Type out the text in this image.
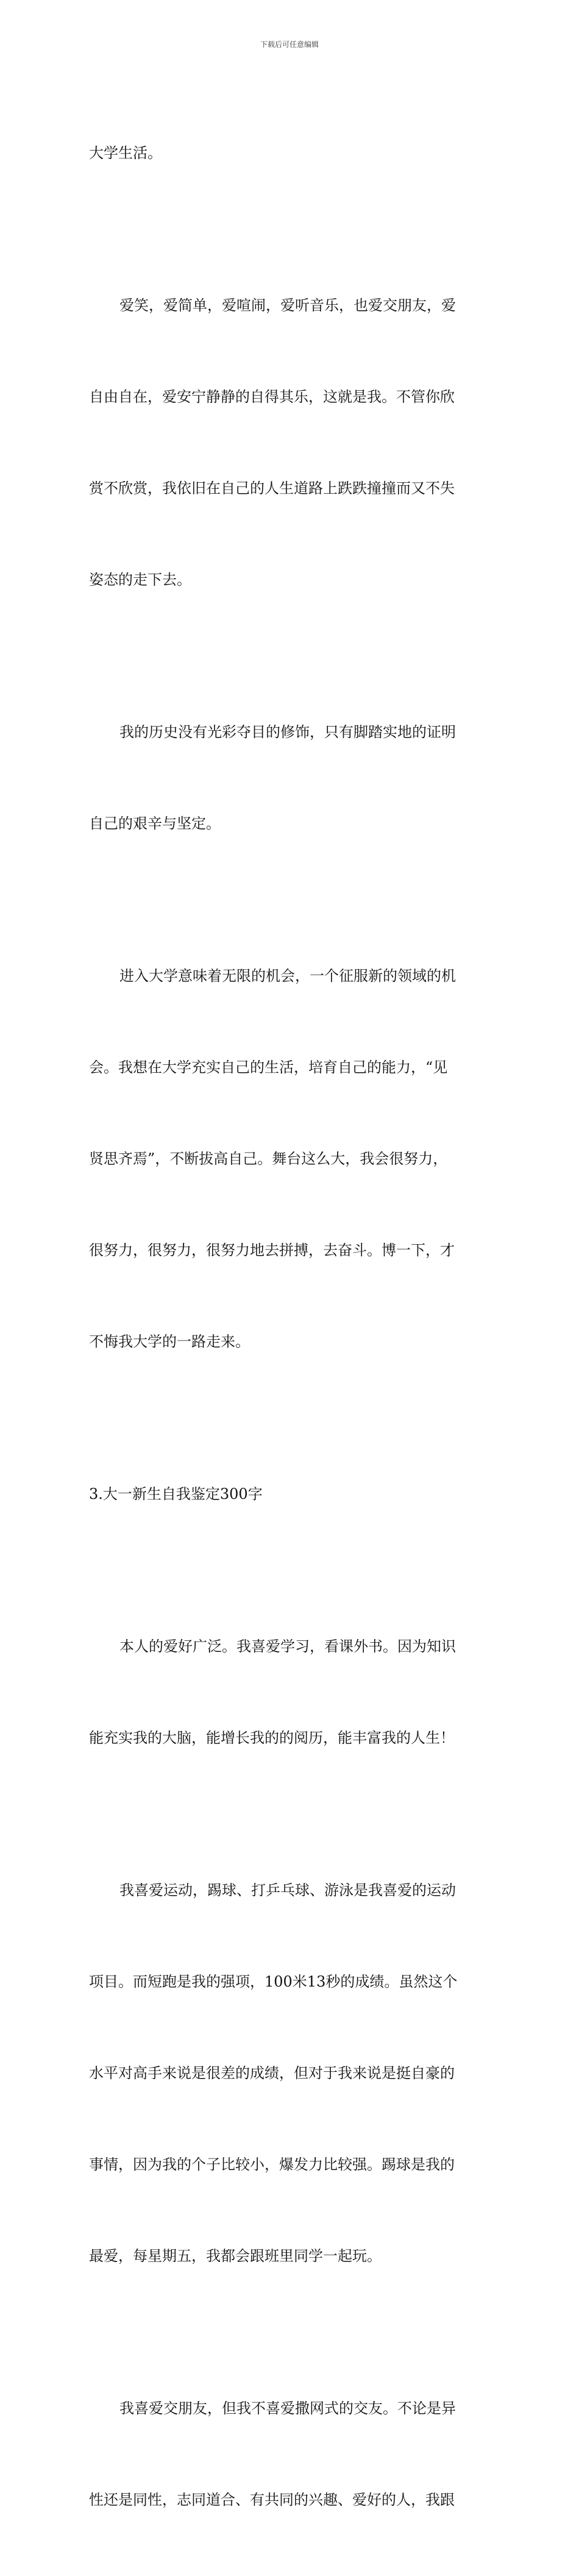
下载后可任意编辑

大学生活。

爱笑，爱简单，爱喧闹，爱听音乐，也爱交朋友，爱

自由自在，爱安宁静静的自得其乐，这就是我。不管你欣

赏不欣赏，我依旧在自己的人生道路上跌跌撞撞而又不失

姿态的走下去。

我的历史没有光彩夺目的修饰，只有脚踏实地的证明

自己的艰辛与坚定。

进入大学意味着无限的机会，一个征服新的领域的机

会。我想在大学充实自己的生活，培育自己的能力，“见

贤思齐焉”，不断拔高自己。舞台这么大，我会很努力，

很努力，很努力，很努力地去拼搏，去奋斗。博一下，才

不悔我大学的一路走来。

3.大一新生自我鉴定300字

本人的爱好广泛。我喜爱学习，看课外书。因为知识

能充实我的大脑，能增长我的的阅历，能丰富我的人生！

我喜爱运动，踢球、打乒乓球、游泳是我喜爱的运动

项目。而短跑是我的强项，100米13秒的成绩。虽然这个

水平对高手来说是很差的成绩，但对于我来说是挺自豪的

事情，因为我的个子比较小，爆发力比较强。踢球是我的

最爱，每星期五，我都会跟班里同学一起玩。

我喜爱交朋友，但我不喜爱撒网式的交友。不论是异

性还是同性，志同道合、有共同的兴趣、爱好的人，我跟
